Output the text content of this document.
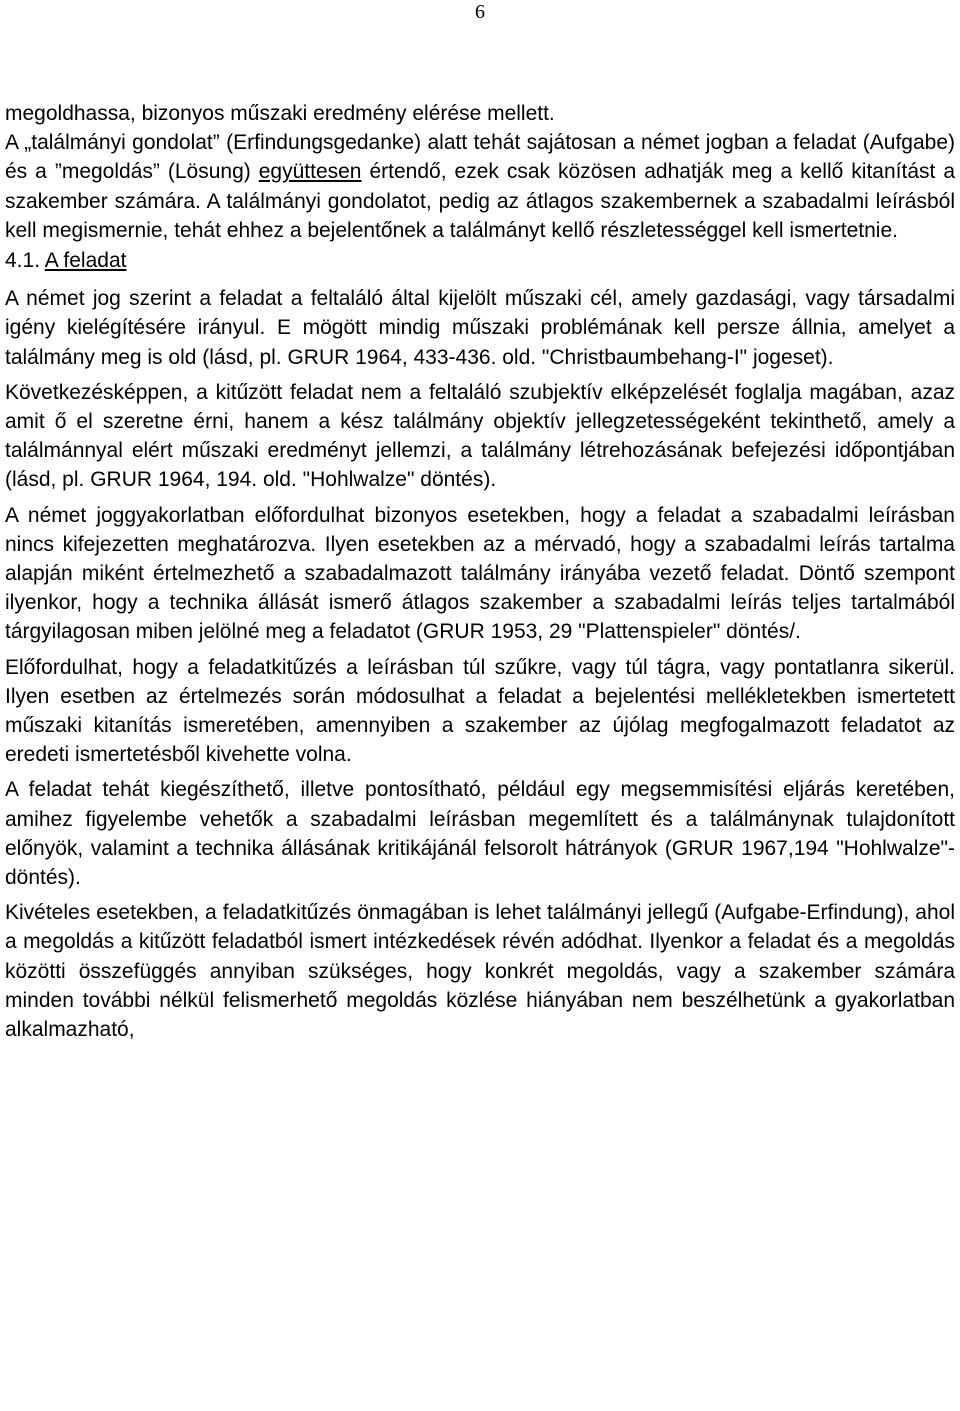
6

megoldhassa, bizonyos műszaki eredmény elérése mellett.

A „találmányi gondolat” (Erfindungsgedanke) alatt tehát sajátosan a német jogban a feladat (Aufgabe) és a ”megoldás” (Lösung) együttesen értendő, ezek csak közösen adhatják meg a kellő kitanítást a szakember számára. A találmányi gondolatot, pedig az átlagos szakembernek a szabadalmi leírásból kell megismernie, tehát ehhez a bejelentőnek a találmányt kellő részletességgel kell ismertetnie.

4.1. A feladat

A német jog szerint a feladat a feltaláló által kijelölt műszaki cél, amely gazdasági, vagy társadalmi igény kielégítésére irányul. E mögött mindig műszaki problémának kell persze állnia, amelyet a találmány meg is old (lásd, pl. GRUR 1964, 433-436. old. "Christbaumbehang-I" jogeset).

Következésképpen, a kitűzött feladat nem a feltaláló szubjektív elképzelését foglalja magában, azaz amit ő el szeretne érni, hanem a kész találmány objektív jellegzetességeként tekinthető, amely a találmánnyal elért műszaki eredményt jellemzi, a találmány létrehozásának befejezési időpontjában (lásd, pl. GRUR 1964, 194. old. "Hohlwalze" döntés).

A német joggyakorlatban előfordulhat bizonyos esetekben, hogy a feladat a szabadalmi leírásban nincs kifejezetten meghatározva. Ilyen esetekben az a mérvadó, hogy a szabadalmi leírás tartalma alapján miként értelmezhető a szabadalmazott találmány irányába vezető feladat. Döntő szempont ilyenkor, hogy a technika állását ismerő átlagos szakember a szabadalmi leírás teljes tartalmából tárgyilagosan miben jelölné meg a feladatot (GRUR 1953, 29 "Plattenspieler" döntés/.

Előfordulhat, hogy a feladatkitűzés a leírásban túl szűkre, vagy túl tágra, vagy pontatlanra sikerül. Ilyen esetben az értelmezés során módosulhat a feladat a bejelentési mellékletekben ismertetett műszaki kitanítás ismeretében, amennyiben a szakember az újólag megfogalmazott feladatot az eredeti ismertetésből kivehette volna.

A feladat tehát kiegészíthető, illetve pontosítható, például egy megsemmisítési eljárás keretében, amihez figyelembe vehetők a szabadalmi leírásban megemlített és a találmánynak tulajdonított előnyök, valamint a technika állásának kritikájánál felsorolt hátrányok (GRUR 1967,194 "Hohlwalze"-döntés).

Kivételes esetekben, a feladatkitűzés önmagában is lehet találmányi jellegű (Aufgabe-Erfindung), ahol a megoldás a kitűzött feladatból ismert intézkedések révén adódhat. Ilyenkor a feladat és a megoldás közötti összefüggés annyiban szükséges, hogy konkrét megoldás, vagy a szakember számára minden további nélkül felismerhető megoldás közlése hiányában nem beszélhetünk a gyakorlatban alkalmazható,
